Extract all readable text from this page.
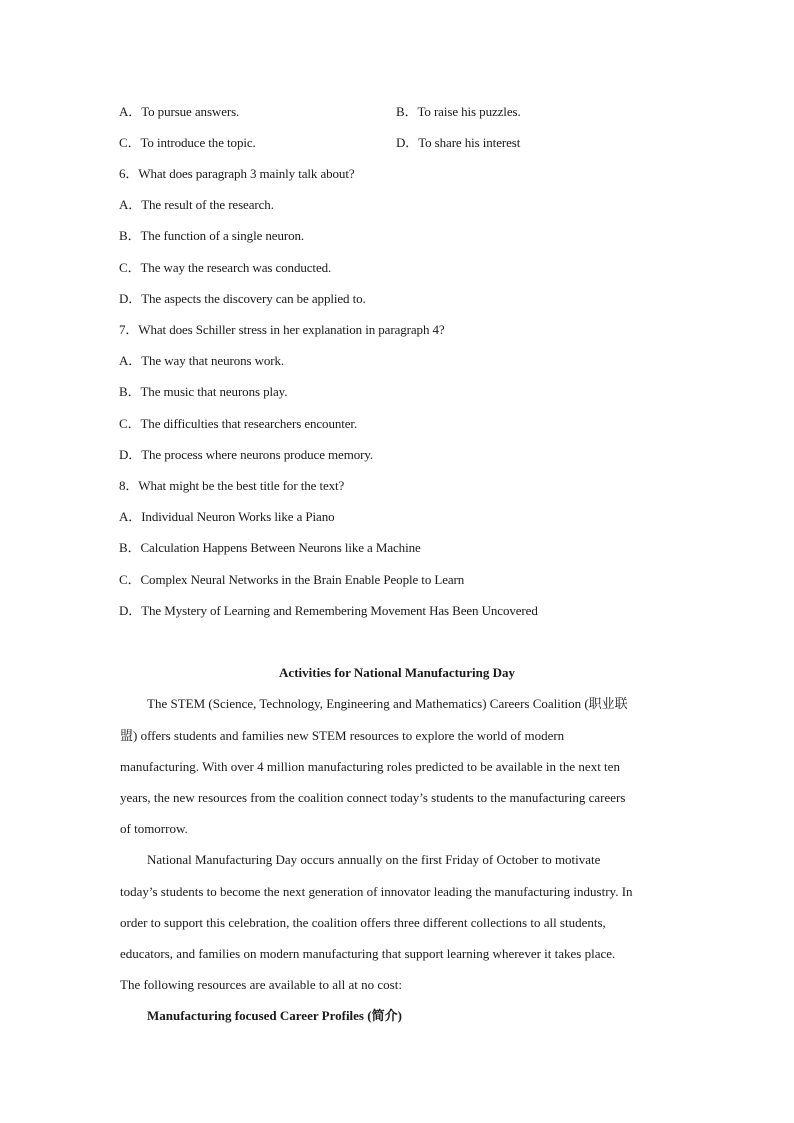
A．To pursue answers.	B．To raise his puzzles.
C．To introduce the topic.	D．To share his interest
6．What does paragraph 3 mainly talk about?
A．The result of the research.
B．The function of a single neuron.
C．The way the research was conducted.
D．The aspects the discovery can be applied to.
7．What does Schiller stress in her explanation in paragraph 4?
A．The way that neurons work.
B．The music that neurons play.
C．The difficulties that researchers encounter.
D．The process where neurons produce memory.
8．What might be the best title for the text?
A．Individual Neuron Works like a Piano
B．Calculation Happens Between Neurons like a Machine
C．Complex Neural Networks in the Brain Enable People to Learn
D．The Mystery of Learning and Remembering Movement Has Been Uncovered
Activities for National Manufacturing Day
The STEM (Science, Technology, Engineering and Mathematics) Careers Coalition (职业联
盟) offers students and families new STEM resources to explore the world of modern
manufacturing. With over 4 million manufacturing roles predicted to be available in the next ten
years, the new resources from the coalition connect today’s students to the manufacturing careers
of tomorrow.
National Manufacturing Day occurs annually on the first Friday of October to motivate
today’s students to become the next generation of innovator leading the manufacturing industry. In
order to support this celebration, the coalition offers three different collections to all students,
educators, and families on modern manufacturing that support learning wherever it takes place.
The following resources are available to all at no cost:
Manufacturing focused Career Profiles (简介)
